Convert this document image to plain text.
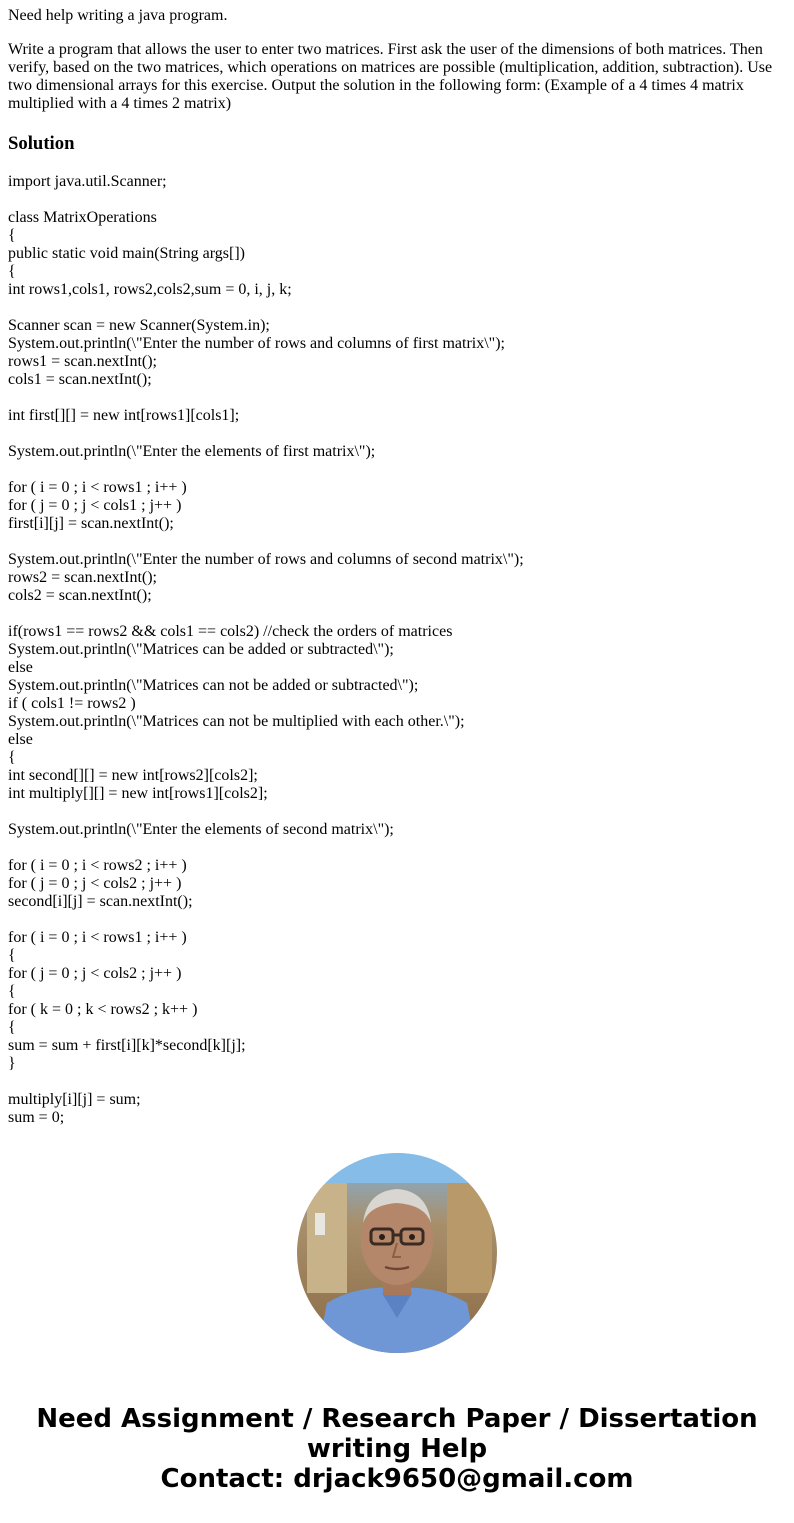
Need help writing a java program.

Write a program that allows the user to enter two matrices. First ask the user of the dimensions of both matrices. Then verify, based on the two matrices, which operations on matrices are possible (multiplication, addition, subtraction). Use two dimensional arrays for this exercise. Output the solution in the following form: (Example of a 4 times 4 matrix multiplied with a 4 times 2 matrix)

Solution
import java.util.Scanner;

class MatrixOperations
{
public static void main(String args[])
{
int rows1,cols1, rows2,cols2,sum = 0, i, j, k;

Scanner scan = new Scanner(System.in);
System.out.println(\"Enter the number of rows and columns of first matrix\");
rows1 = scan.nextInt();
cols1 = scan.nextInt();

int first[][] = new int[rows1][cols1];

System.out.println(\"Enter the elements of first matrix\");

for ( i = 0 ; i < rows1 ; i++ )
for ( j = 0 ; j < cols1 ; j++ )
first[i][j] = scan.nextInt();

System.out.println(\"Enter the number of rows and columns of second matrix\");
rows2 = scan.nextInt();
cols2 = scan.nextInt();

if(rows1 == rows2 && cols1 == cols2) //check the orders of matrices
System.out.println(\"Matrices can be added or subtracted\");
else
System.out.println(\"Matrices can not be added or subtracted\");
if ( cols1 != rows2 )
System.out.println(\"Matrices can not be multiplied with each other.\");
else
{
int second[][] = new int[rows2][cols2];
int multiply[][] = new int[rows1][cols2];

System.out.println(\"Enter the elements of second matrix\");

for ( i = 0 ; i < rows2 ; i++ )
for ( j = 0 ; j < cols2 ; j++ )
second[i][j] = scan.nextInt();

for ( i = 0 ; i < rows1 ; i++ )
{
for ( j = 0 ; j < cols2 ; j++ )
{
for ( k = 0 ; k < rows2 ; k++ )
{
sum = sum + first[i][k]*second[k][j];
}

multiply[i][j] = sum;
sum = 0;
Need Assignment / Research Paper / Dissertation
writing Help
Contact: drjack9650@gmail.com
